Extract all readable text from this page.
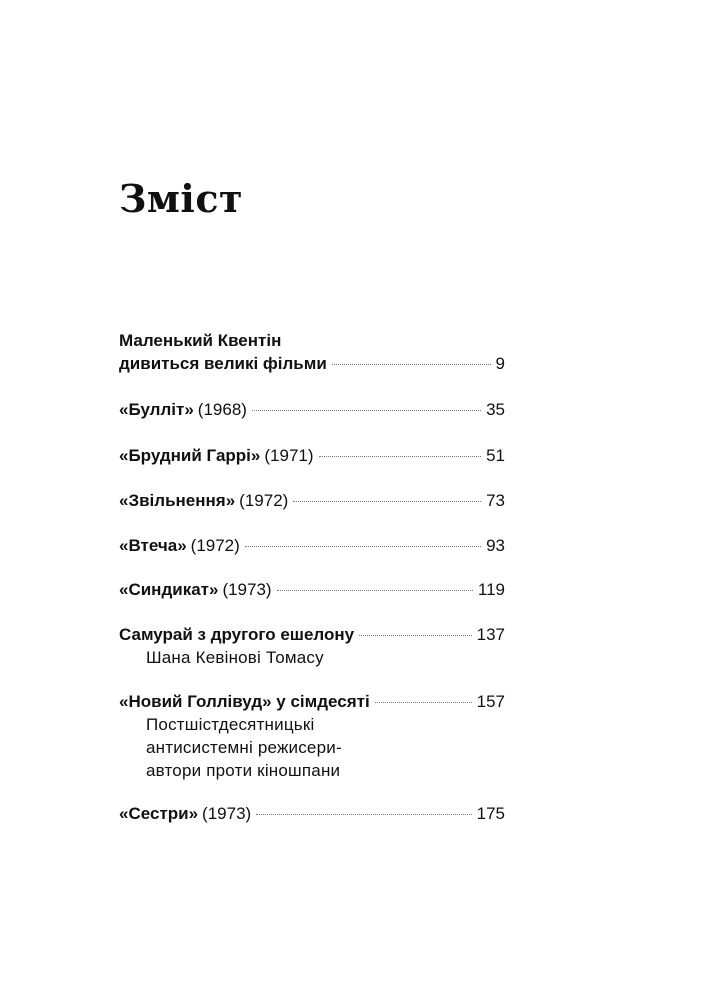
Зміст
Маленький Квентін
дивиться великі фільми	9
«Булліт» (1968)	35
«Брудний Гаррі» (1971)	51
«Звільнення» (1972)	73
«Втеча» (1972)	93
«Синдикат» (1973)	119
Самурай з другого ешелону	137
Шана Кевінові Томасу
«Новий Голлівуд» у сімдесяті	157
Постшістдесятницькі
антисистемні режисери-
автори проти кіношпани
«Сестри» (1973)	175
